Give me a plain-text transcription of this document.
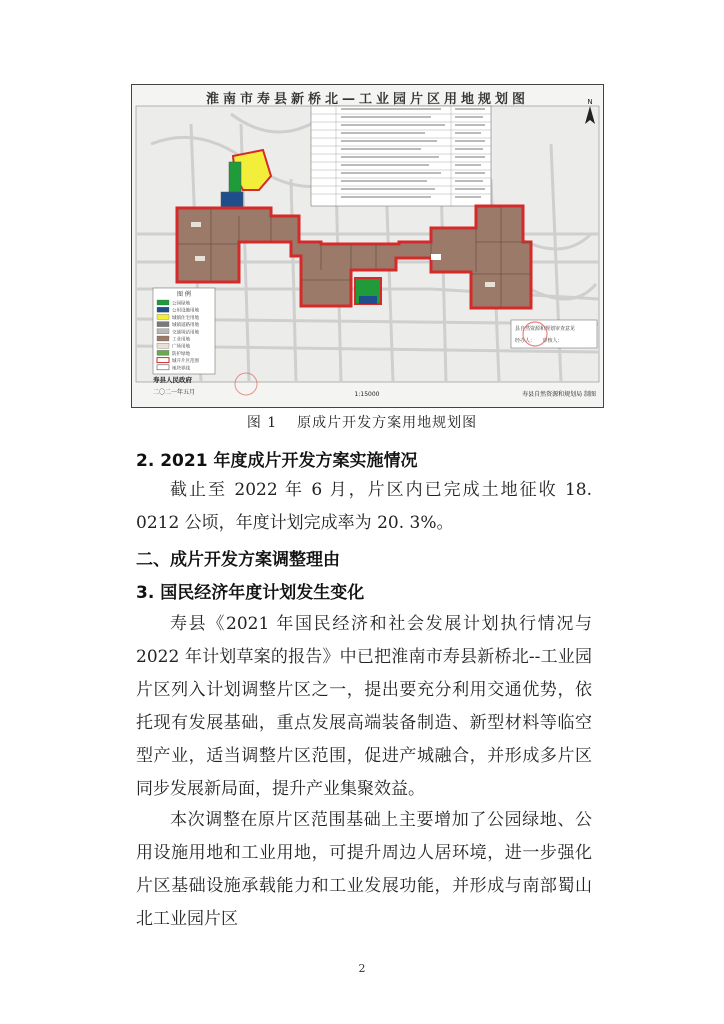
N
图 例
公园绿地
公用设施用地
城镇住宅用地
城镇道路用地
交通场站用地
工业用地
广场用地
防护绿地
城开片区范围
地块界线
县自然资源和规划审查意见
经办人：　　审核人：
寿县人民政府
二〇二一年五月	1:15000	寿县自然资源和规划局 制图
淮南市寿县新桥北—工业园片区用地规划图
图 1 原成片开发方案用地规划图
2. 2021 年度成片开发方案实施情况
截止至 2022 年 6 月，片区内已完成土地征收 18. 0212 公顷，年度计划完成率为 20. 3%。
二、成片开发方案调整理由
3. 国民经济年度计划发生变化
寿县《2021 年国民经济和社会发展计划执行情况与 2022 年计划草案的报告》中已把淮南市寿县新桥北--工业园片区列入计划调整片区之一，提出要充分利用交通优势，依托现有发展基础，重点发展高端装备制造、新型材料等临空型产业，适当调整片区范围，促进产城融合，并形成多片区同步发展新局面，提升产业集聚效益。
本次调整在原片区范围基础上主要增加了公园绿地、公用设施用地和工业用地，可提升周边人居环境，进一步强化片区基础设施承载能力和工业发展功能，并形成与南部蜀山北工业园片区
2
